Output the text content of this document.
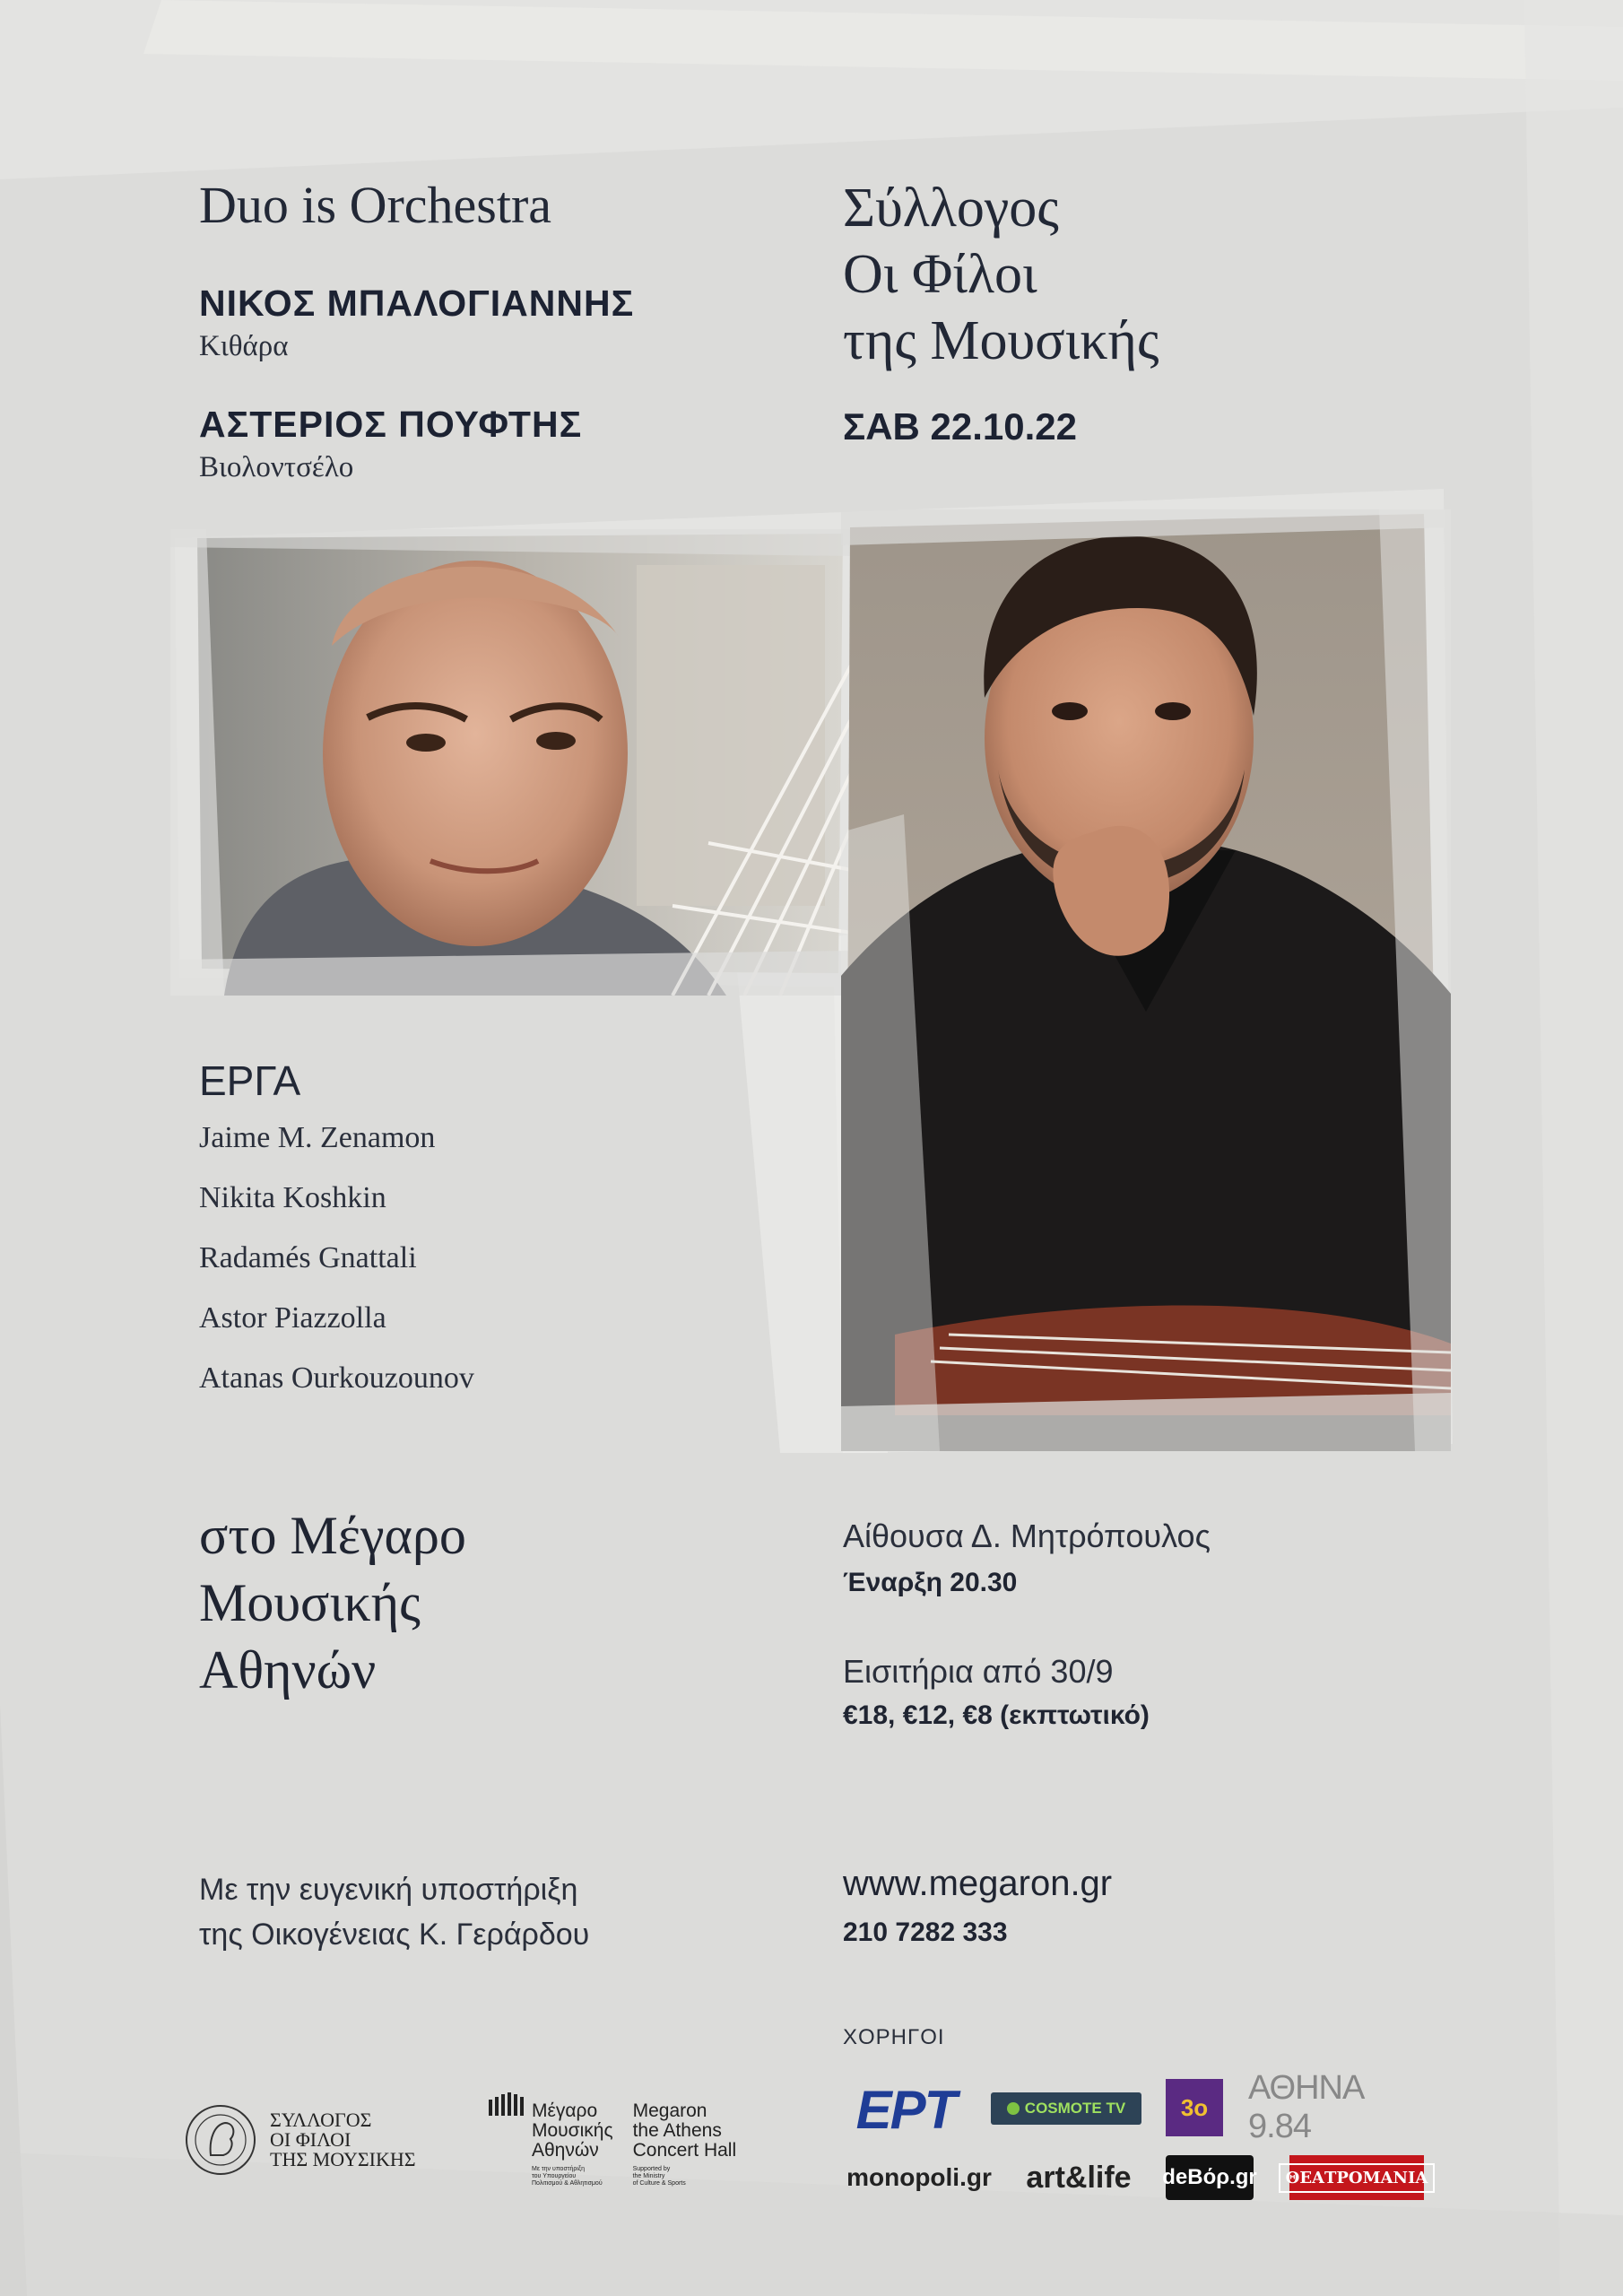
Duo is Orchestra
ΝΙΚΟΣ ΜΠΑΛΟΓΙΑΝΝΗΣ
Κιθάρα
ΑΣΤΕΡΙΟΣ ΠΟΥΦΤΗΣ
Βιολοντσέλο
Σύλλογος
Οι Φίλοι
της Μουσικής
ΣΑΒ 22.10.22
ΕΡΓΑ
Jaime M. Zenamon
Nikita Koshkin
Radamés Gnattali
Astor Piazzolla
Atanas Ourkouzounov
στο Μέγαρο
Μουσικής
Αθηνών
Αίθουσα Δ. Μητρόπουλος
Έναρξη 20.30
Εισιτήρια από 30/9
€18, €12, €8 (εκπτωτικό)
Με την ευγενική υποστήριξη
της Οικογένειας Κ. Γεράρδου
www.megaron.gr
210 7282 333
ΧΟΡΗΓΟΙ
ΣΥΛΛΟΓΟΣ
ΟΙ ΦΙΛΟΙ
ΤΗΣ ΜΟΥΣΙΚΗΣ
Μέγαρο
Μουσικής
Αθηνών
Με την υποστήριξη
του Υπουργείου
Πολιτισμού & Αθλητισμού
Megaron
the Athens
Concert Hall
Supported by
the Ministry
of Culture & Sports
ΕΡΤ	COSMOTE TV 3ο
ΑΘΗΝΑ 9.84
monopoli.gr art&life deΒόρ.gr	ΘΕΑΤΡΟΜΑΝΙΑ
